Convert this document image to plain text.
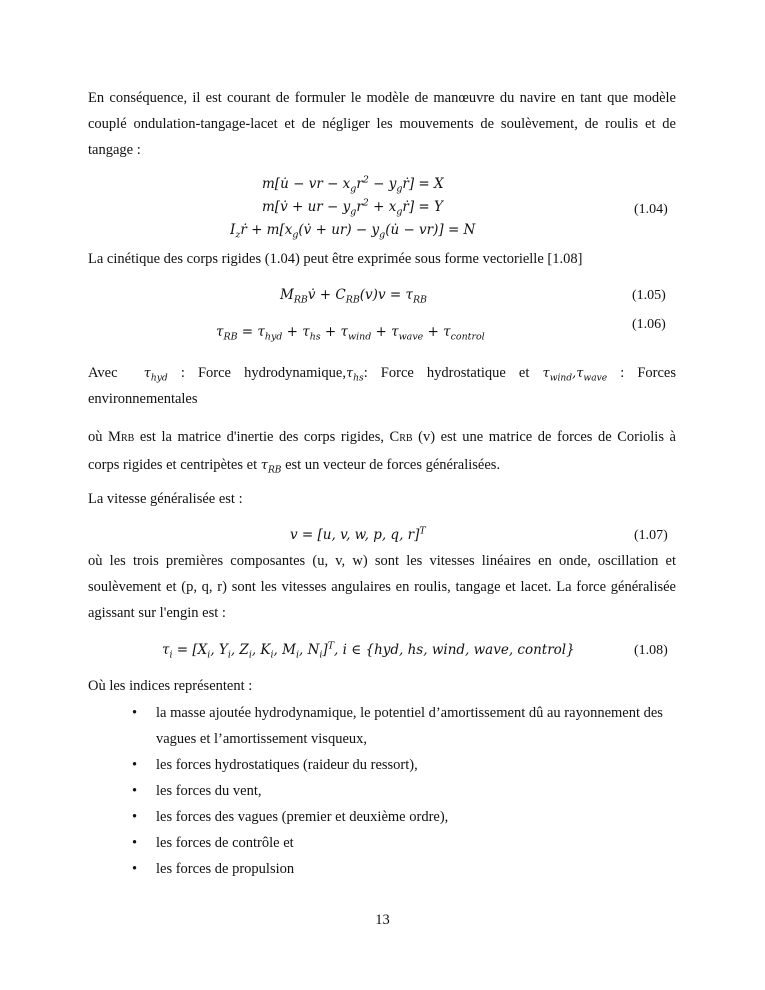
En conséquence, il est courant de formuler le modèle de manœuvre du navire en tant que modèle couplé ondulation-tangage-lacet et de négliger les mouvements de soulèvement, de roulis et de tangage :
m[u̇ − vr − $x_gr^2$ − $y_gṙ] = X$
m[v̇ + ur − $y_gr^2$ + $x_gṙ] = Y$
$I_zṙ$ + $m[x_g(v̇ + ur)$ − $y_g(u̇ - vr)] = N$
(1.04)
La cinétique des corps rigides (1.04) peut être exprimée sous forme vectorielle [1.08]
$M_{RB}v̇ + C_{RB}(v)v = \tau_{RB}$	(1.05)
$\tau_{RB} = \tau_{hyd} + \tau_{hs} + \tau_{wind} + \tau_{wave} + \tau_{control}$
(1.06)
Avec $\tau_{hyd}$ : Force $hydrodynamique,\tau_{hs}$: Force hydrostatique et $\tau_{wind},\tau_{wave}$ : Forces
environnementales
où MRB est la matrice d'inertie des corps rigides, CRB (v) est une matrice de forces de Coriolis à corps rigides et centripètes et $\tau_{RB}$ est un vecteur de forces généralisées.
La vitesse généralisée est :
v = [u, v, w, p, q, r]$^T$	(1.07)
où les trois premières composantes (u, v, w) sont les vitesses linéaires en onde, oscillation et soulèvement et (p, q, r) sont les vitesses angulaires en roulis, tangage et lacet. La force généralisée agissant sur l'engin est :
$\tau_i = [X_i$, $Y_i$, $Z_i$, $K_i$, $M_i$, $N_i]^T$, i ∈ {hyd, hs, wind, wave, control}	(1.08)
Où les indices représentent :
• la masse ajoutée hydrodynamique, le potentiel d’amortissement dû au rayonnement des vagues et l’amortissement visqueux,
• les forces hydrostatiques (raideur du ressort),
• les forces du vent,
• les forces des vagues (premier et deuxième ordre),
• les forces de contrôle et
• les forces de propulsion
13
